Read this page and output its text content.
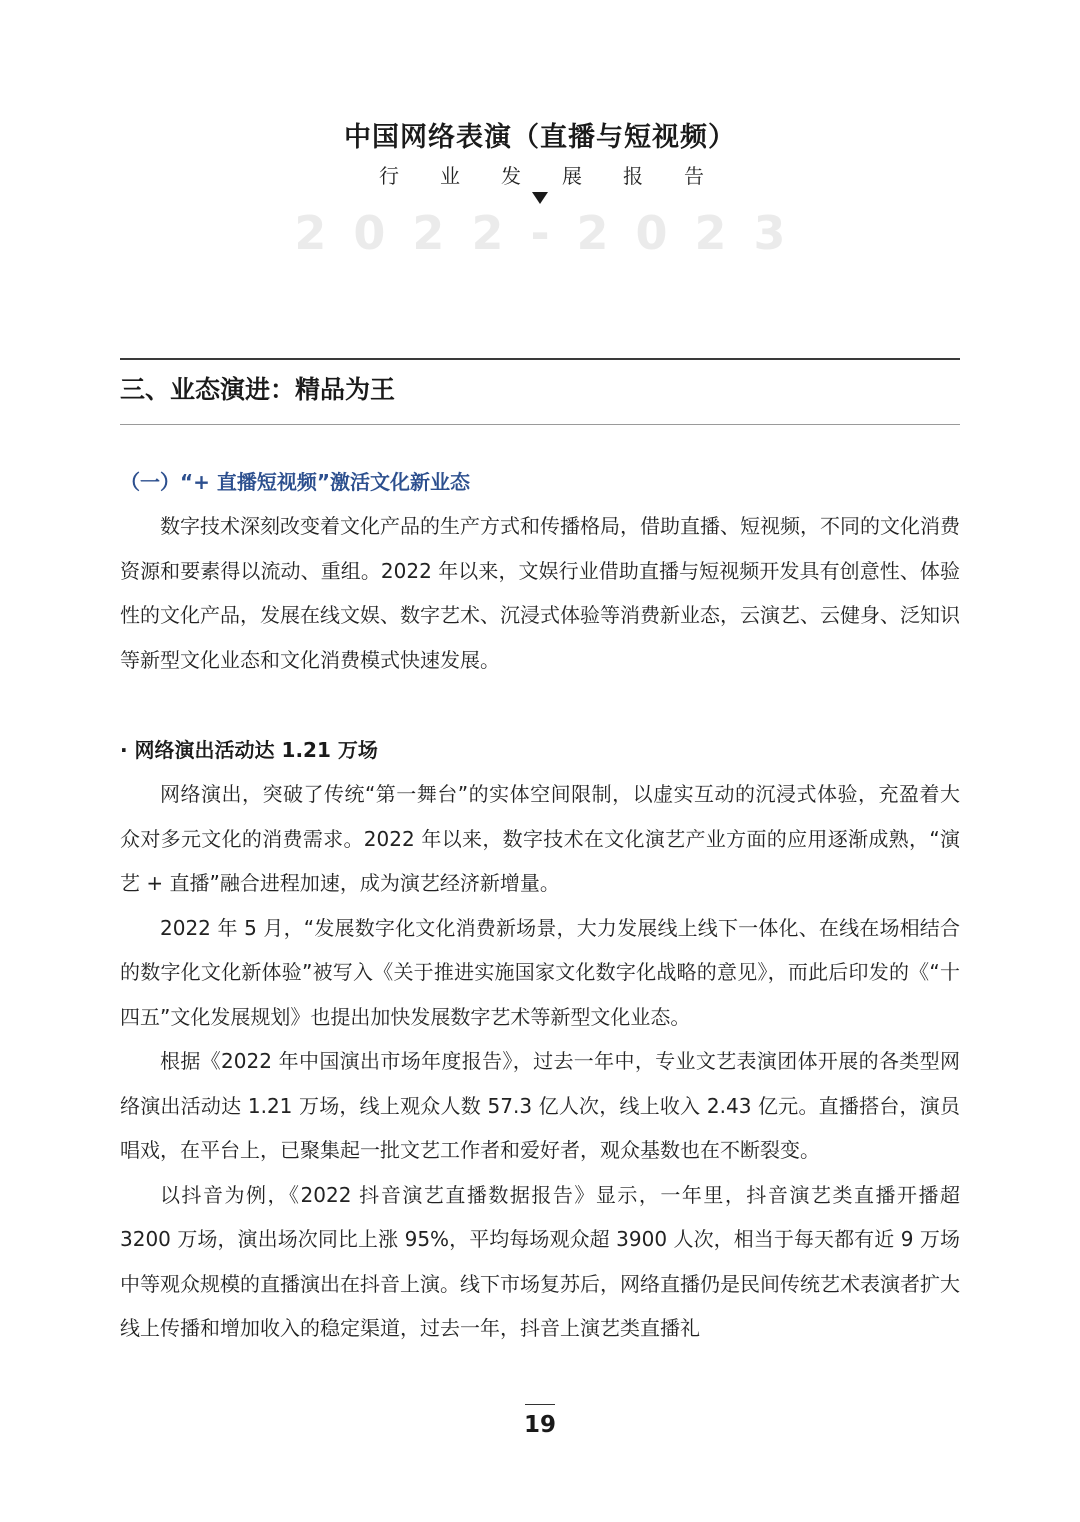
中国网络表演（直播与短视频）
行	业	发	展	报	告
2022-2023
三、业态演进：精品为王

（一）“+ 直播短视频”激活文化新业态

数字技术深刻改变着文化产品的生产方式和传播格局，借助直播、短视频，不同的文化消费资源和要素得以流动、重组。2022 年以来，文娱行业借助直播与短视频开发具有创意性、体验性的文化产品，发展在线文娱、数字艺术、沉浸式体验等消费新业态，云演艺、云健身、泛知识等新型文化业态和文化消费模式快速发展。

· 网络演出活动达 1.21 万场

网络演出，突破了传统“第一舞台”的实体空间限制，以虚实互动的沉浸式体验，充盈着大众对多元文化的消费需求。2022 年以来，数字技术在文化演艺产业方面的应用逐渐成熟，“演艺 + 直播”融合进程加速，成为演艺经济新增量。

2022 年 5 月，“发展数字化文化消费新场景，大力发展线上线下一体化、在线在场相结合的数字化文化新体验”被写入《关于推进实施国家文化数字化战略的意见》，而此后印发的《“十四五”文化发展规划》也提出加快发展数字艺术等新型文化业态。

根据《2022 年中国演出市场年度报告》，过去一年中，专业文艺表演团体开展的各类型网络演出活动达 1.21 万场，线上观众人数 57.3 亿人次，线上收入 2.43 亿元。直播搭台，演员唱戏，在平台上，已聚集起一批文艺工作者和爱好者，观众基数也在不断裂变。

以抖音为例，《2022 抖音演艺直播数据报告》显示，一年里，抖音演艺类直播开播超 3200 万场，演出场次同比上涨 95%，平均每场观众超 3900 人次，相当于每天都有近 9 万场中等观众规模的直播演出在抖音上演。线下市场复苏后，网络直播仍是民间传统艺术表演者扩大线上传播和增加收入的稳定渠道，过去一年，抖音上演艺类直播礼

19
